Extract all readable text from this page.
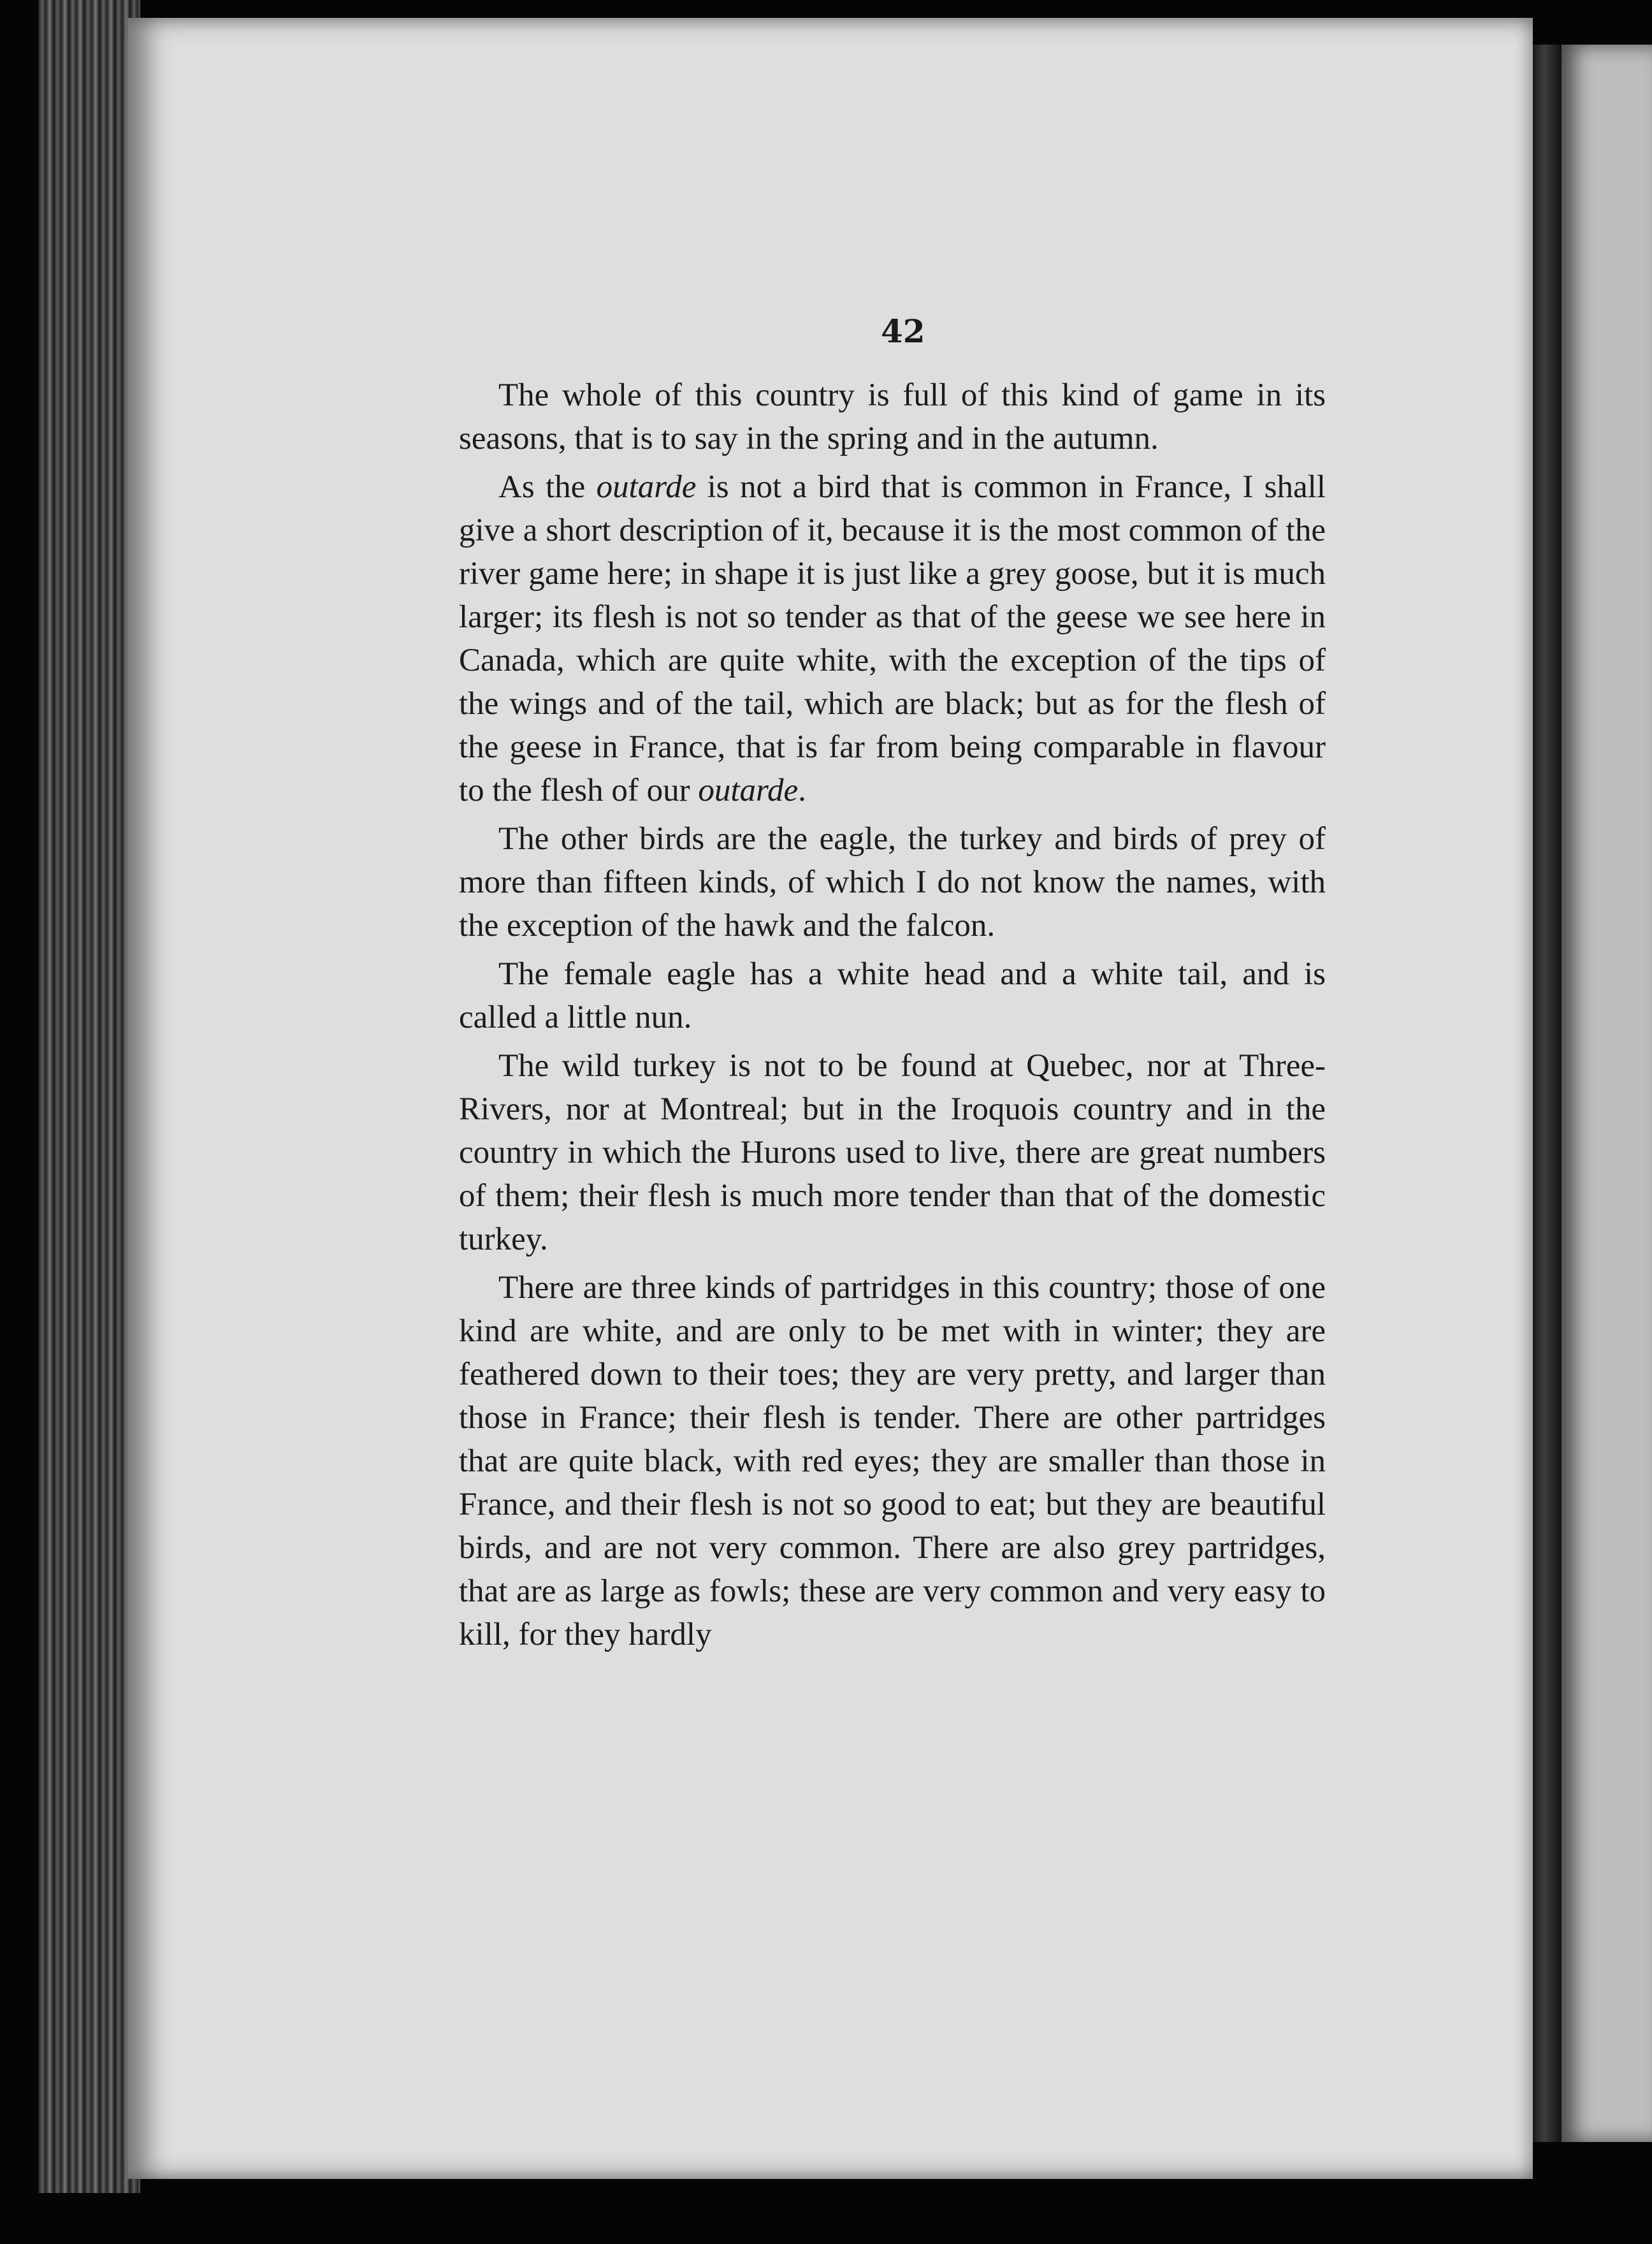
42

The whole of this country is full of this kind of game in its seasons, that is to say in the spring and in the autumn.

As the outarde is not a bird that is common in France, I shall give a short description of it, because it is the most common of the river game here; in shape it is just like a grey goose, but it is much larger; its flesh is not so tender as that of the geese we see here in Canada, which are quite white, with the exception of the tips of the wings and of the tail, which are black; but as for the flesh of the geese in France, that is far from being comparable in flavour to the flesh of our outarde.

The other birds are the eagle, the turkey and birds of prey of more than fifteen kinds, of which I do not know the names, with the exception of the hawk and the falcon.

The female eagle has a white head and a white tail, and is called a little nun.

The wild turkey is not to be found at Quebec, nor at Three-Rivers, nor at Montreal; but in the Iroquois country and in the country in which the Hurons used to live, there are great numbers of them; their flesh is much more tender than that of the domestic turkey.

There are three kinds of partridges in this country; those of one kind are white, and are only to be met with in winter; they are feathered down to their toes; they are very pretty, and larger than those in France; their flesh is tender. There are other partridges that are quite black, with red eyes; they are smaller than those in France, and their flesh is not so good to eat; but they are beautiful birds, and are not very common. There are also grey partridges, that are as large as fowls; these are very common and very easy to kill, for they hardly
